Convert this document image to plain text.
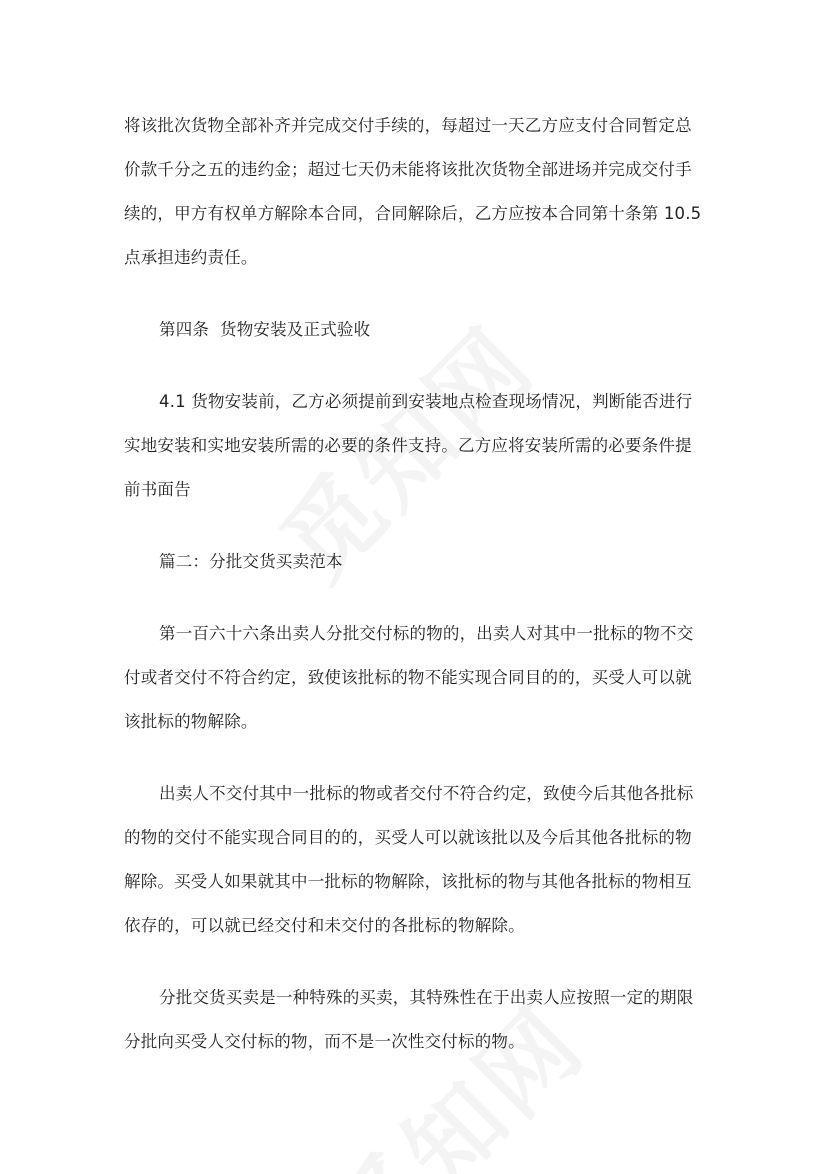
将该批次货物全部补齐并完成交付手续的，每超过一天乙方应支付合同暂定总

价款千分之五的违约金；超过七天仍未能将该批次货物全部进场并完成交付手

续的，甲方有权单方解除本合同，合同解除后，乙方应按本合同第十条第 10.5

点承担违约责任。

第四条  货物安装及正式验收

4.1 货物安装前，乙方必须提前到安装地点检查现场情况，判断能否进行

实地安装和实地安装所需的必要的条件支持。乙方应将安装所需的必要条件提

前书面告

篇二：分批交货买卖范本

第一百六十六条出卖人分批交付标的物的，出卖人对其中一批标的物不交

付或者交付不符合约定，致使该批标的物不能实现合同目的的，买受人可以就

该批标的物解除。

出卖人不交付其中一批标的物或者交付不符合约定，致使今后其他各批标

的物的交付不能实现合同目的的，买受人可以就该批以及今后其他各批标的物

解除。买受人如果就其中一批标的物解除，该批标的物与其他各批标的物相互

依存的，可以就已经交付和未交付的各批标的物解除。

分批交货买卖是一种特殊的买卖，其特殊性在于出卖人应按照一定的期限

分批向买受人交付标的物，而不是一次性交付标的物。
